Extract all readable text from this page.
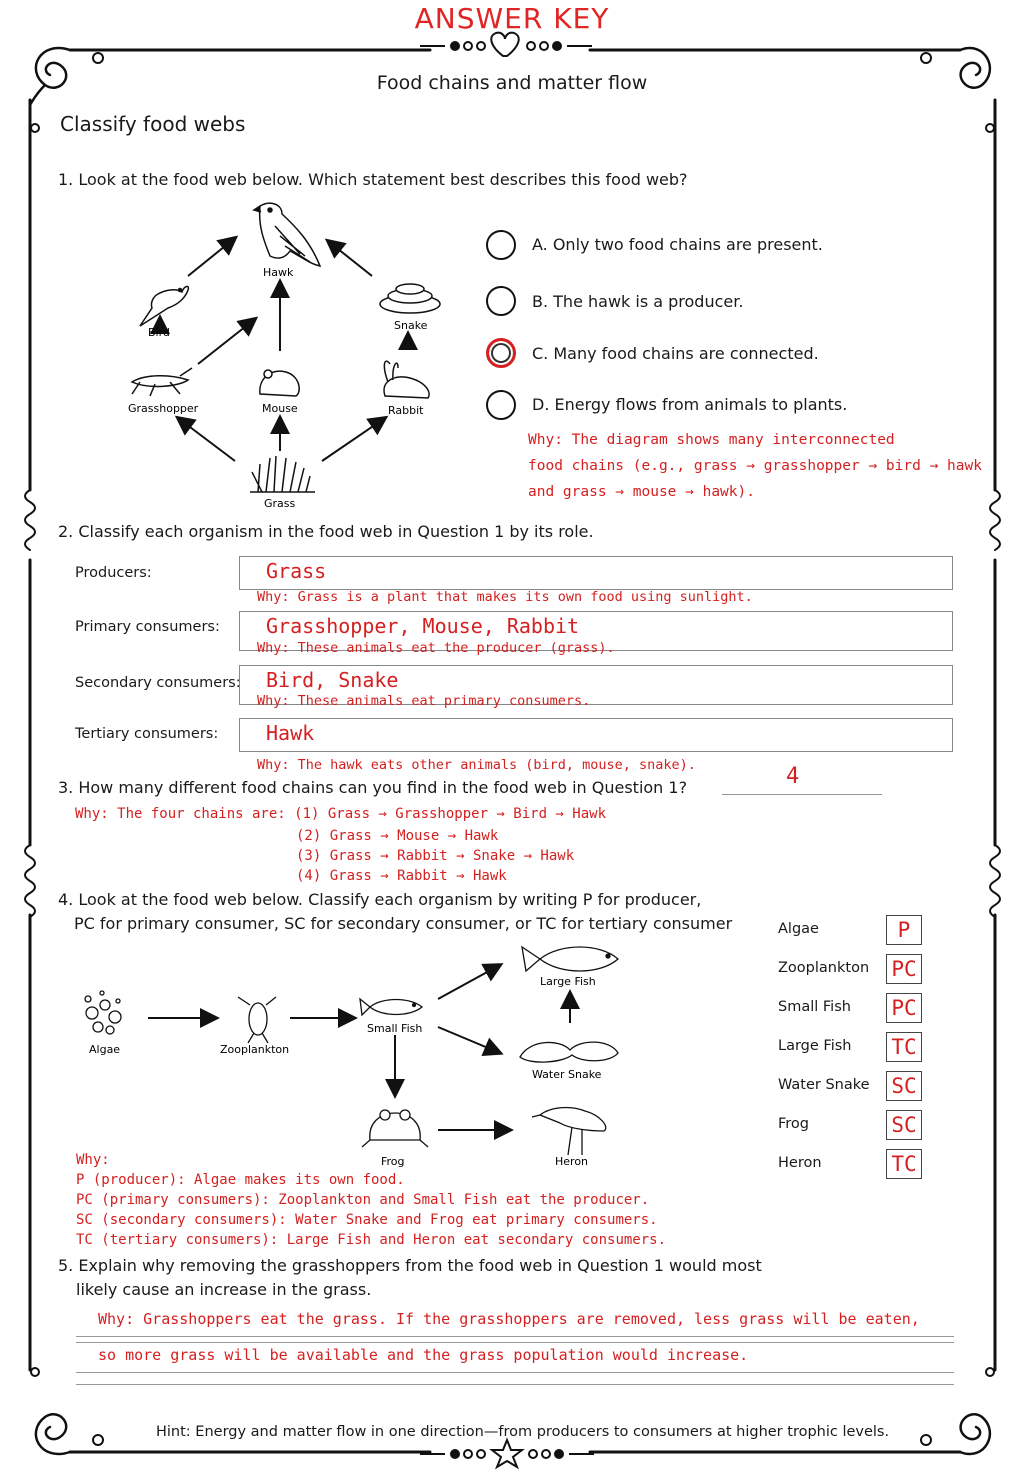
ANSWER KEY
Food chains and matter flow
Classify food webs
1. Look at the food web below. Which statement best describes this food web?
Hawk
Bird
Snake
Grasshopper	Mouse	Rabbit
Grass
A. Only two food chains are present.
B. The hawk is a producer.
C. Many food chains are connected.
D. Energy flows from animals to plants.
Why: The diagram shows many interconnected
food chains (e.g., grass → grasshopper → bird → hawk
and grass → mouse → hawk).
2. Classify each organism in the food web in Question 1 by its role.
Producers:	Grass
Why: Grass is a plant that makes its own food using sunlight.
Primary consumers: Grasshopper, Mouse, Rabbit
Why: These animals eat the producer (grass).
Secondary consumers: Bird, Snake
Why: These animals eat primary consumers.
Tertiary consumers: Hawk
Why: The hawk eats other animals (bird, mouse, snake).
3. How many different food chains can you find in the food web in Question 1?	4
Why: The four chains are: (1) Grass → Grasshopper → Bird → Hawk
(2) Grass → Mouse → Hawk
(3) Grass → Rabbit → Snake → Hawk
(4) Grass → Rabbit → Hawk
4. Look at the food web below. Classify each organism by writing P for producer,
PC for primary consumer, SC for secondary consumer, or TC for tertiary consumer
Algae	Zooplankton
Small Fish
Large Fish
Water Snake
Frog	Heron
Algae	P
Zooplankton PC
Small Fish PC
Large Fish TC
Water Snake SC
Frog	SC
Heron	TC
Why:
P (producer): Algae makes its own food.
PC (primary consumers): Zooplankton and Small Fish eat the producer.
SC (secondary consumers): Water Snake and Frog eat primary consumers.
TC (tertiary consumers): Large Fish and Heron eat secondary consumers.
5. Explain why removing the grasshoppers from the food web in Question 1 would most
likely cause an increase in the grass.
Why: Grasshoppers eat the grass. If the grasshoppers are removed, less grass will be eaten,
so more grass will be available and the grass population would increase.
Hint: Energy and matter flow in one direction—from producers to consumers at higher trophic levels.
